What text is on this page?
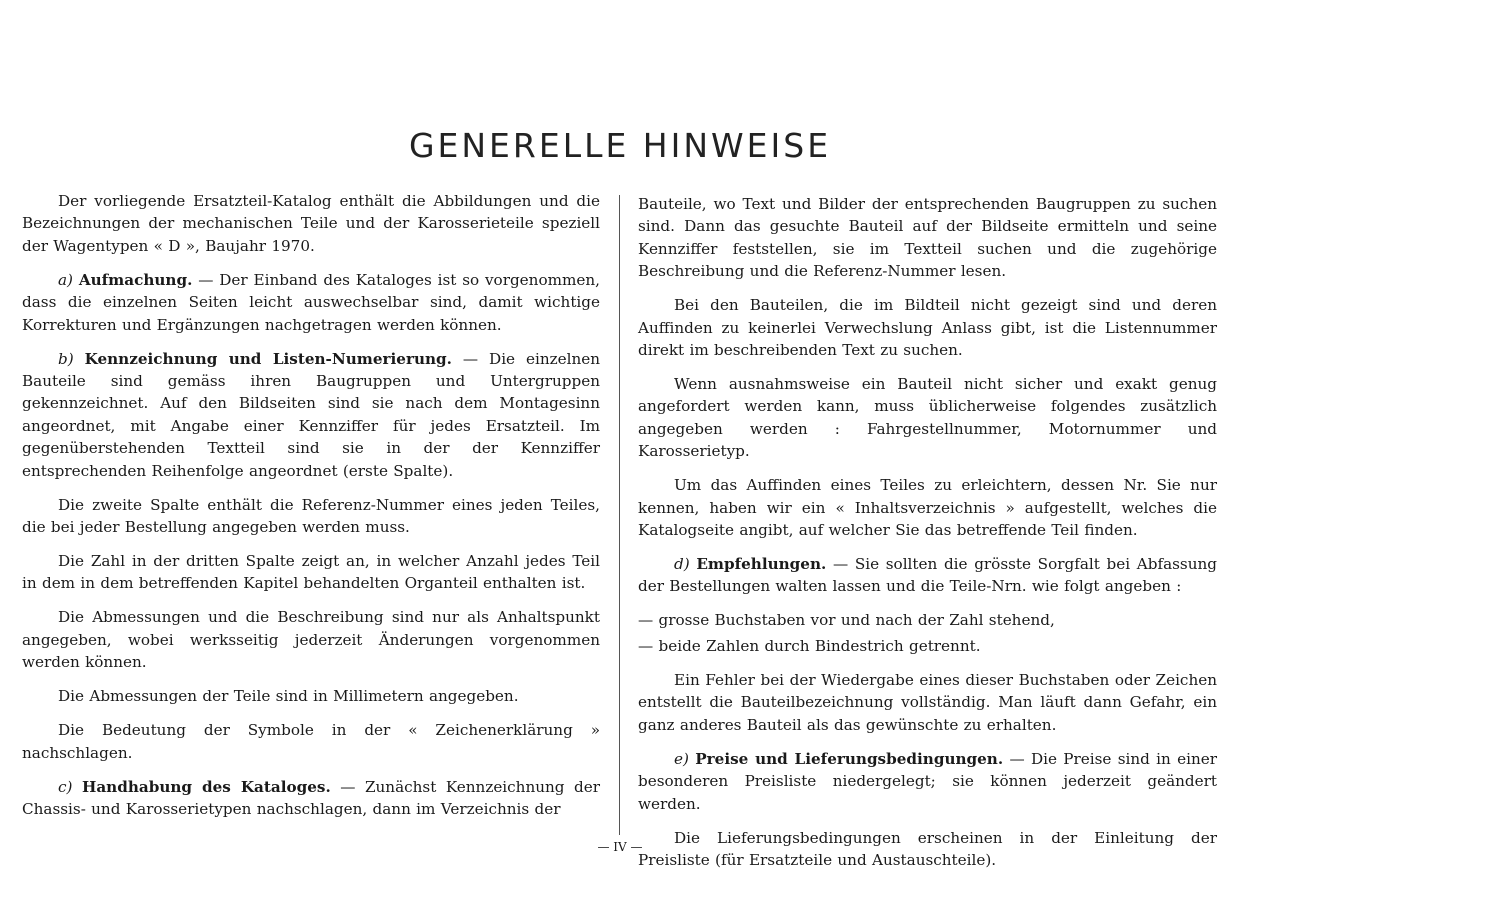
GENERELLE HINWEISE

Der vorliegende Ersatzteil-Katalog enthält die Abbildungen und die Bezeichnungen der mechanischen Teile und der Karosserieteile speziell der Wagentypen « D », Baujahr 1970.

a) Aufmachung. — Der Einband des Kataloges ist so vorgenommen, dass die einzelnen Seiten leicht auswechselbar sind, damit wichtige Korrekturen und Ergänzungen nachgetragen werden können.

b) Kennzeichnung und Listen-Numerierung. — Die einzelnen Bauteile sind gemäss ihren Baugruppen und Untergruppen gekennzeichnet. Auf den Bildseiten sind sie nach dem Montagesinn angeordnet, mit Angabe einer Kennziffer für jedes Ersatzteil. Im gegenüberstehenden Textteil sind sie in der der Kennziffer entsprechenden Reihenfolge angeordnet (erste Spalte).

Die zweite Spalte enthält die Referenz-Nummer eines jeden Teiles, die bei jeder Bestellung angegeben werden muss.

Die Zahl in der dritten Spalte zeigt an, in welcher Anzahl jedes Teil in dem in dem betreffenden Kapitel behandelten Organteil enthalten ist.

Die Abmessungen und die Beschreibung sind nur als Anhaltspunkt angegeben, wobei werksseitig jederzeit Änderungen vorgenommen werden können.

Die Abmessungen der Teile sind in Millimetern angegeben.

Die Bedeutung der Symbole in der « Zeichenerklärung » nachschlagen.

c) Handhabung des Kataloges. — Zunächst Kennzeichnung der Chassis- und Karosserietypen nachschlagen, dann im Verzeichnis der

Bauteile, wo Text und Bilder der entsprechenden Baugruppen zu suchen sind. Dann das gesuchte Bauteil auf der Bildseite ermitteln und seine Kennziffer feststellen, sie im Textteil suchen und die zugehörige Beschreibung und die Referenz-Nummer lesen.

Bei den Bauteilen, die im Bildteil nicht gezeigt sind und deren Auffinden zu keinerlei Verwechslung Anlass gibt, ist die Listennummer direkt im beschreibenden Text zu suchen.

Wenn ausnahmsweise ein Bauteil nicht sicher und exakt genug angefordert werden kann, muss üblicherweise folgendes zusätzlich angegeben werden : Fahrgestellnummer, Motornummer und Karosserietyp.

Um das Auffinden eines Teiles zu erleichtern, dessen Nr. Sie nur kennen, haben wir ein « Inhaltsverzeichnis » aufgestellt, welches die Katalogseite angibt, auf welcher Sie das betreffende Teil finden.

d) Empfehlungen. — Sie sollten die grösste Sorgfalt bei Abfassung der Bestellungen walten lassen und die Teile-Nrn. wie folgt angeben :

— grosse Buchstaben vor und nach der Zahl stehend,

— beide Zahlen durch Bindestrich getrennt.

Ein Fehler bei der Wiedergabe eines dieser Buchstaben oder Zeichen entstellt die Bauteilbezeichnung vollständig. Man läuft dann Gefahr, ein ganz anderes Bauteil als das gewünschte zu erhalten.

e) Preise und Lieferungsbedingungen. — Die Preise sind in einer besonderen Preisliste niedergelegt; sie können jederzeit geändert werden.

Die Lieferungsbedingungen erscheinen in der Einleitung der Preisliste (für Ersatzteile und Austauschteile).

— IV —
